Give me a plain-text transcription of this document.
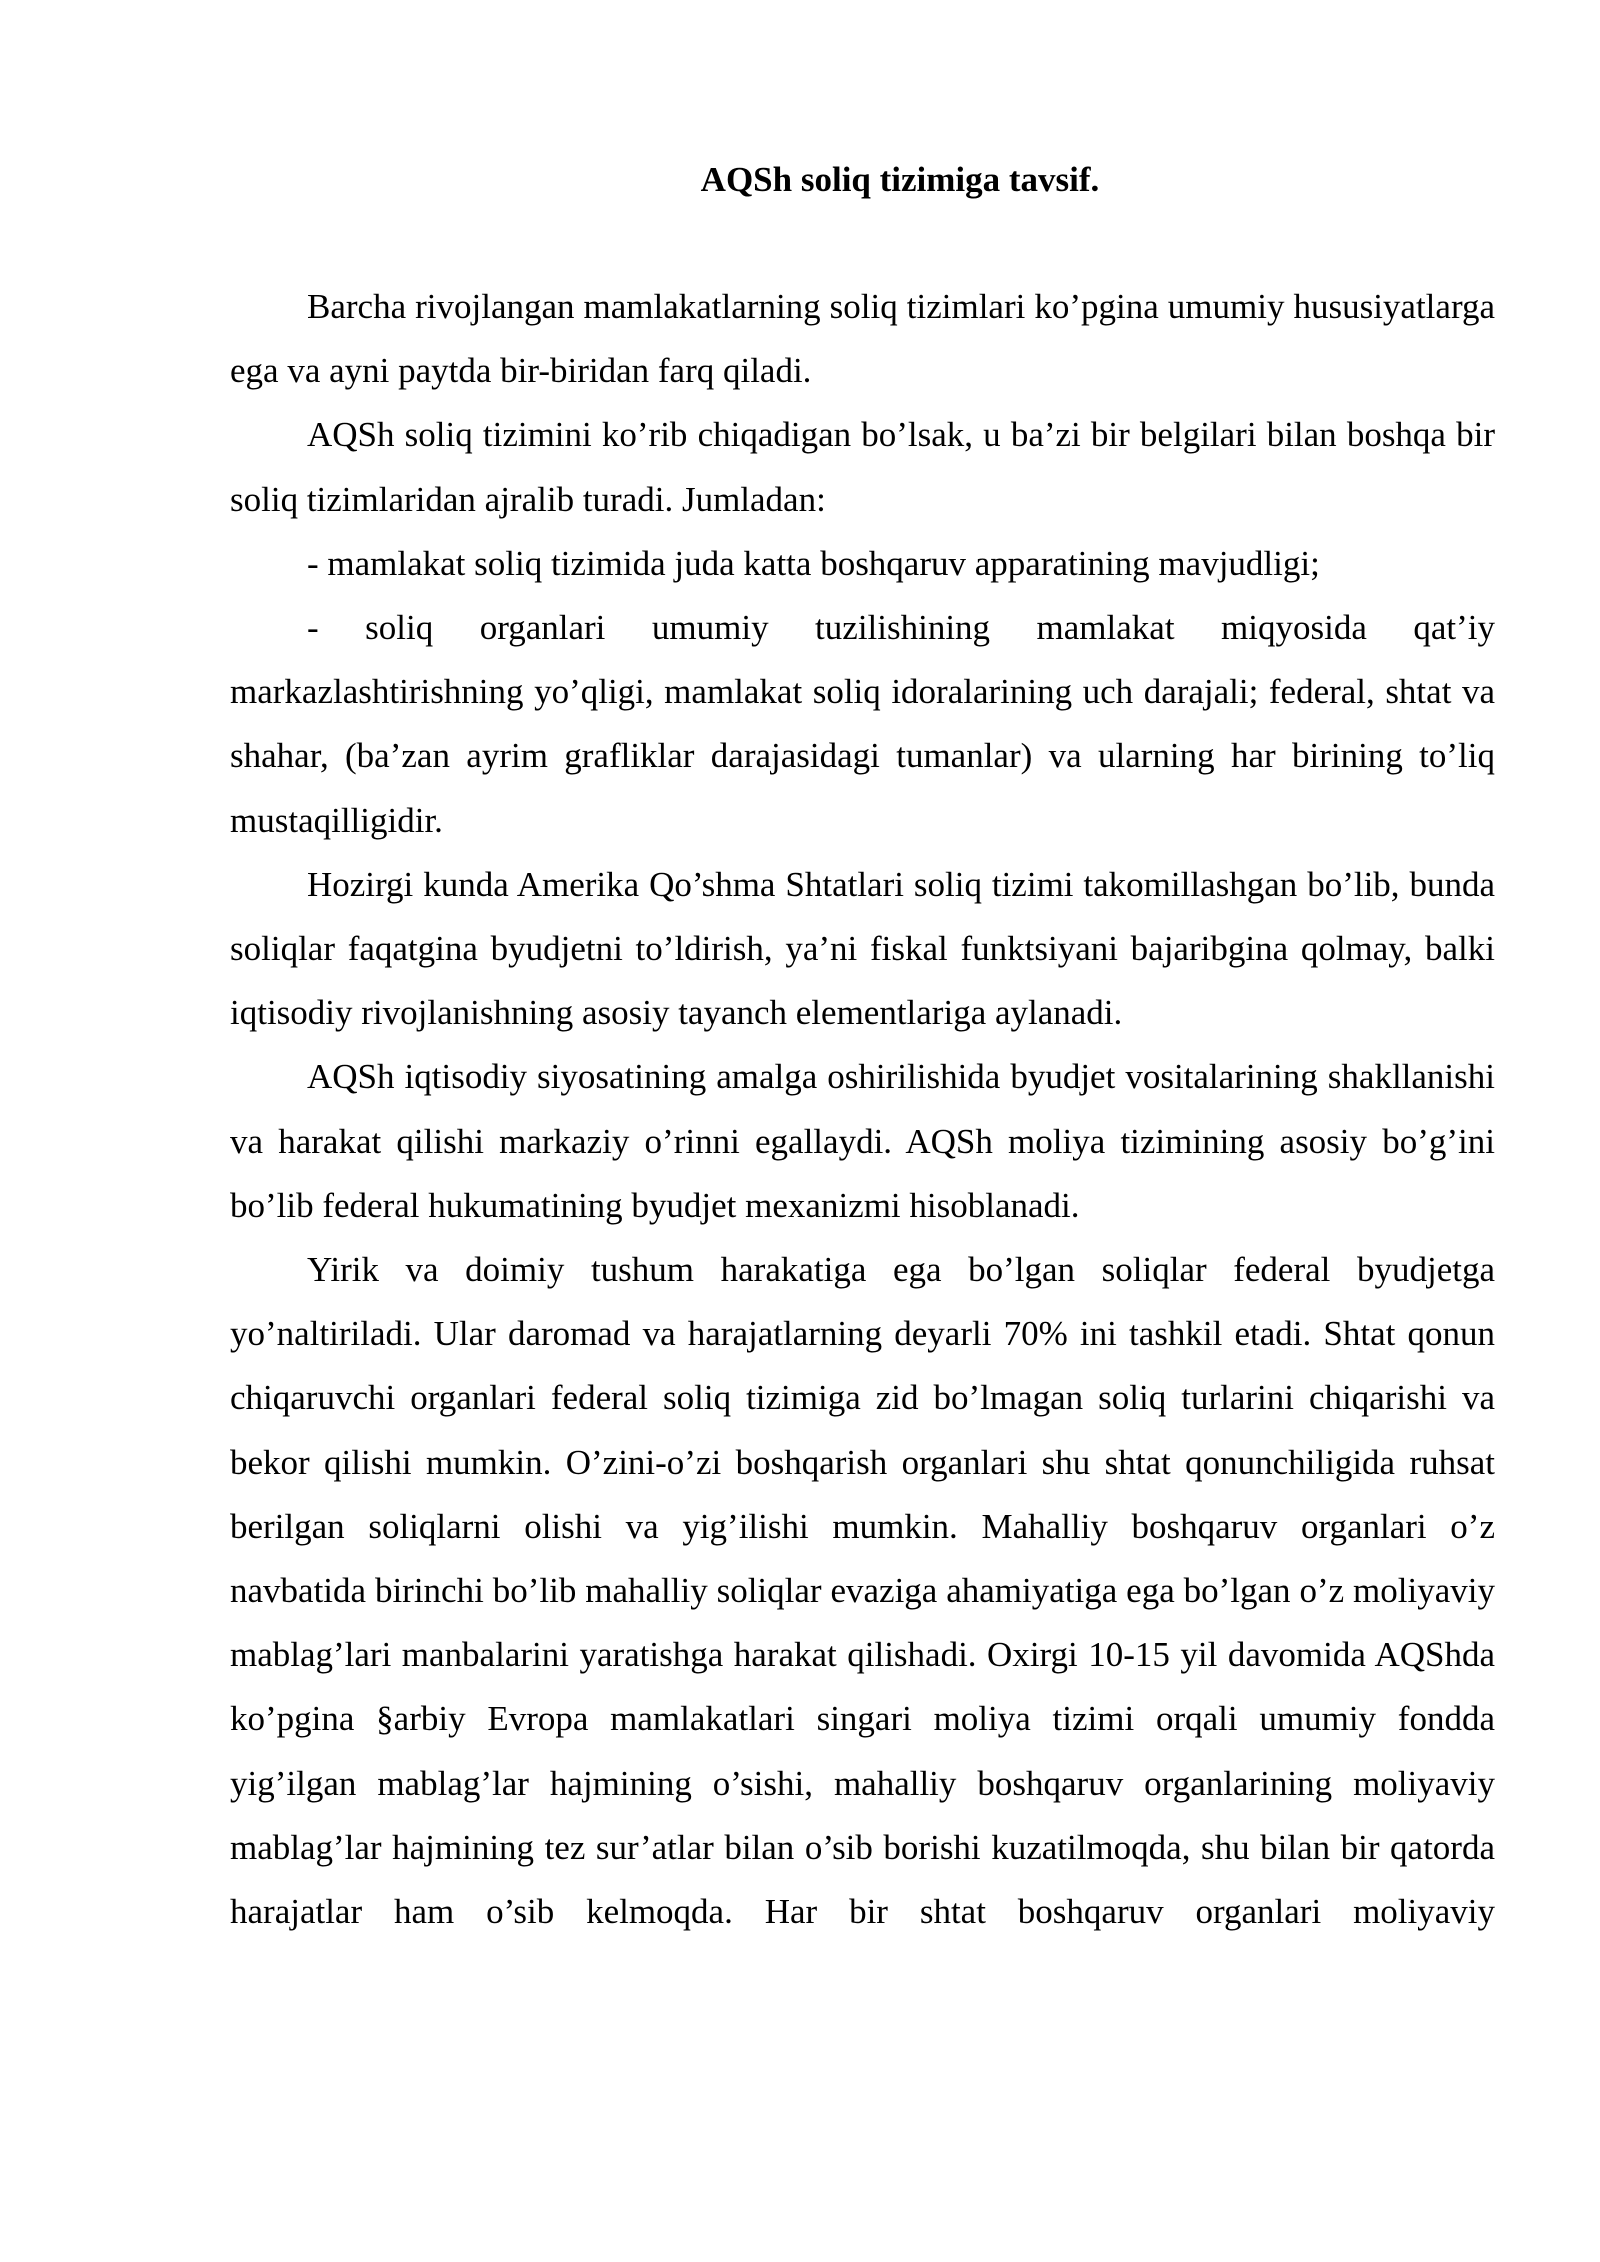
AQSh soliq tizimiga tavsif.

Barcha rivojlangan mamlakatlarning soliq tizimlari ko’pgina umumiy hususiyatlarga ega va ayni paytda bir-biridan farq qiladi.

AQSh soliq tizimini ko’rib chiqadigan bo’lsak, u ba’zi bir belgilari bilan boshqa bir soliq tizimlaridan ajralib turadi. Jumladan:

- mamlakat soliq tizimida juda katta boshqaruv apparatining mavjudligi;

- soliq organlari umumiy tuzilishining mamlakat miqyosida qat’iy markazlashtirishning yo’qligi, mamlakat soliq idoralarining uch darajali; federal, shtat va shahar, (ba’zan ayrim grafliklar darajasidagi tumanlar) va ularning har birining to’liq mustaqilligidir.

Hozirgi kunda Amerika Qo’shma Shtatlari soliq tizimi takomillashgan bo’lib, bunda soliqlar faqatgina byudjetni to’ldirish, ya’ni fiskal funktsiyani bajaribgina qolmay, balki iqtisodiy rivojlanishning asosiy tayanch elementlariga aylanadi.

AQSh iqtisodiy siyosatining amalga oshirilishida byudjet vositalarining shakllanishi va harakat qilishi markaziy o’rinni egallaydi. AQSh moliya tizimining asosiy bo’g’ini bo’lib federal hukumatining byudjet mexanizmi hisoblanadi.

Yirik va doimiy tushum harakatiga ega bo’lgan soliqlar federal byudjetga yo’naltiriladi. Ular daromad va harajatlarning deyarli 70% ini tashkil etadi. Shtat qonun chiqaruvchi organlari federal soliq tizimiga zid bo’lmagan soliq turlarini chiqarishi va bekor qilishi mumkin. O’zini-o’zi boshqarish organlari shu shtat qonunchiligida ruhsat berilgan soliqlarni olishi va yig’ilishi mumkin. Mahalliy boshqaruv organlari o’z navbatida birinchi bo’lib mahalliy soliqlar evaziga ahamiyatiga ega bo’lgan o’z moliyaviy mablag’lari manbalarini yaratishga harakat qilishadi. Oxirgi 10-15 yil davomida AQShda ko’pgina §arbiy Evropa mamlakatlari singari moliya tizimi orqali umumiy fondda yig’ilgan mablag’lar hajmining o’sishi, mahalliy boshqaruv organlarining moliyaviy mablag’lar hajmining tez sur’atlar bilan o’sib borishi kuzatilmoqda, shu bilan bir qatorda harajatlar ham o’sib kelmoqda. Har bir shtat boshqaruv organlari moliyaviy
